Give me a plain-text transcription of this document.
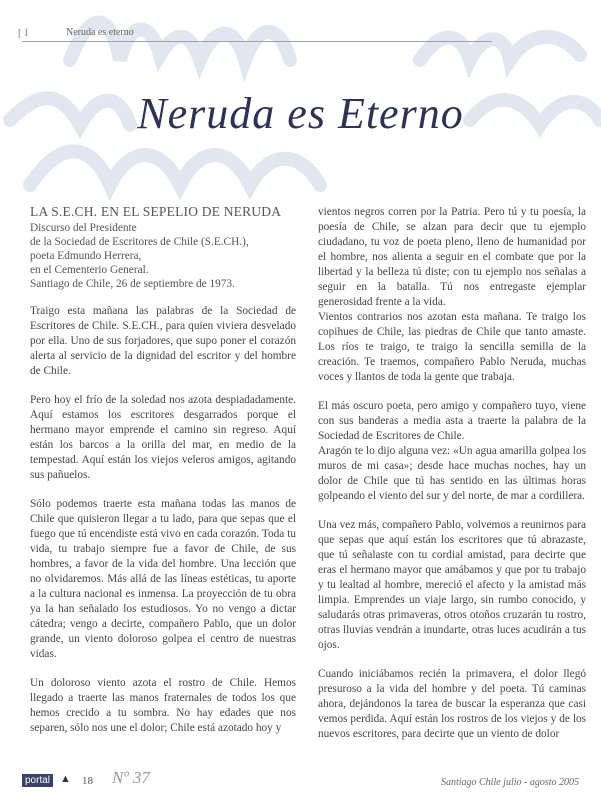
[ 1	Neruda es eterno
Neruda es Eterno
LA S.E.CH. EN EL SEPELIO DE NERUDA
Discurso del Presidente
de la Sociedad de Escritores de Chile (S.E.CH.),
poeta Edmundo Herrera,
en el Cementerio General.
Santiago de Chile, 26 de septiembre de 1973.

Traigo esta mañana las palabras de la Sociedad de Escritores de Chile. S.E.CH., para quien viviera desvelado por ella. Uno de sus forjadores, que supo poner el corazón alerta al servicio de la dignidad del escritor y del hombre de Chile.

Pero hoy el frío de la soledad nos azota despiadadamente. Aquí estamos los escritores desgarrados porque el hermano mayor emprende el camino sin regreso. Aquí están los barcos a la orilla del mar, en medio de la tempestad. Aquí están los viejos veleros amigos, agitando sus pañuelos.

Sólo podemos traerte esta mañana todas las manos de Chile que quisieron llegar a tu lado, para que sepas que el fuego que tú encendiste está vivo en cada corazón. Toda tu vida, tu trabajo siempre fue a favor de Chile, de sus hombres, a favor de la vida del hombre. Una lección que no olvidaremos. Más allá de las líneas estéticas, tu aporte a la cultura nacional es inmensa. La proyección de tu obra ya la han señalado los estudiosos. Yo no vengo a dictar cátedra; vengo a decirte, compañero Pablo, que un dolor grande, un viento doloroso golpea el centro de nuestras vidas.

Un doloroso viento azota el rostro de Chile. Hemos llegado a traerte las manos fraternales de todos los que hemos crecido a tu sombra. No hay edades que nos separen, sólo nos une el dolor; Chile está azotado hoy y

vientos negros corren por la Patria. Pero tú y tu poesía, la poesía de Chile, se alzan para decir que tu ejemplo ciudadano, tu voz de poeta pleno, lleno de humanidad por el hombre, nos alienta a seguir en el combate que por la libertad y la belleza tú diste; con tu ejemplo nos señalas a seguir en la batalla. Tú nos entregaste ejemplar generosidad frente a la vida.

Vientos contrarios nos azotan esta mañana. Te traigo los copihues de Chile, las piedras de Chile que tanto amaste. Los ríos te traigo, te traigo la sencilla semilla de la creación. Te traemos, compañero Pablo Neruda, muchas voces y llantos de toda la gente que trabaja.

El más oscuro poeta, pero amigo y compañero tuyo, viene con sus banderas a media asta a traerte la palabra de la Sociedad de Escritores de Chile.

Aragón te lo dijo alguna vez: «Un agua amarilla golpea los muros de mi casa»; desde hace muchas noches, hay un dolor de Chile que tú has sentido en las últimas horas golpeando el viento del sur y del norte, de mar a cordillera.

Una vez más, compañero Pablo, volvemos a reunirnos para que sepas que aquí están los escritores que tú abrazaste, que tú señalaste con tu cordial amistad, para decirte que eras el hermano mayor que amábamos y que por tu trabajo y tu lealtad al hombre, mereció el afecto y la amistad más limpia. Emprendes un viaje largo, sin rumbo conocido, y saludarás otras primaveras, otros otoños cruzarán tu rostro, otras lluvias vendrán a inundarte, otras luces acudirán a tus ojos.

Cuando iniciábamos recién la primavera, el dolor llegó presuroso a la vida del hombre y del poeta. Tú caminas ahora, dejándonos la tarea de buscar la esperanza que casi vemos perdida. Aquí están los rostros de los viejos y de los nuevos escritores, para decirte que un viento de dolor

portal ▲ 18 Nº 37	Santiago Chile julio - agosto 2005
